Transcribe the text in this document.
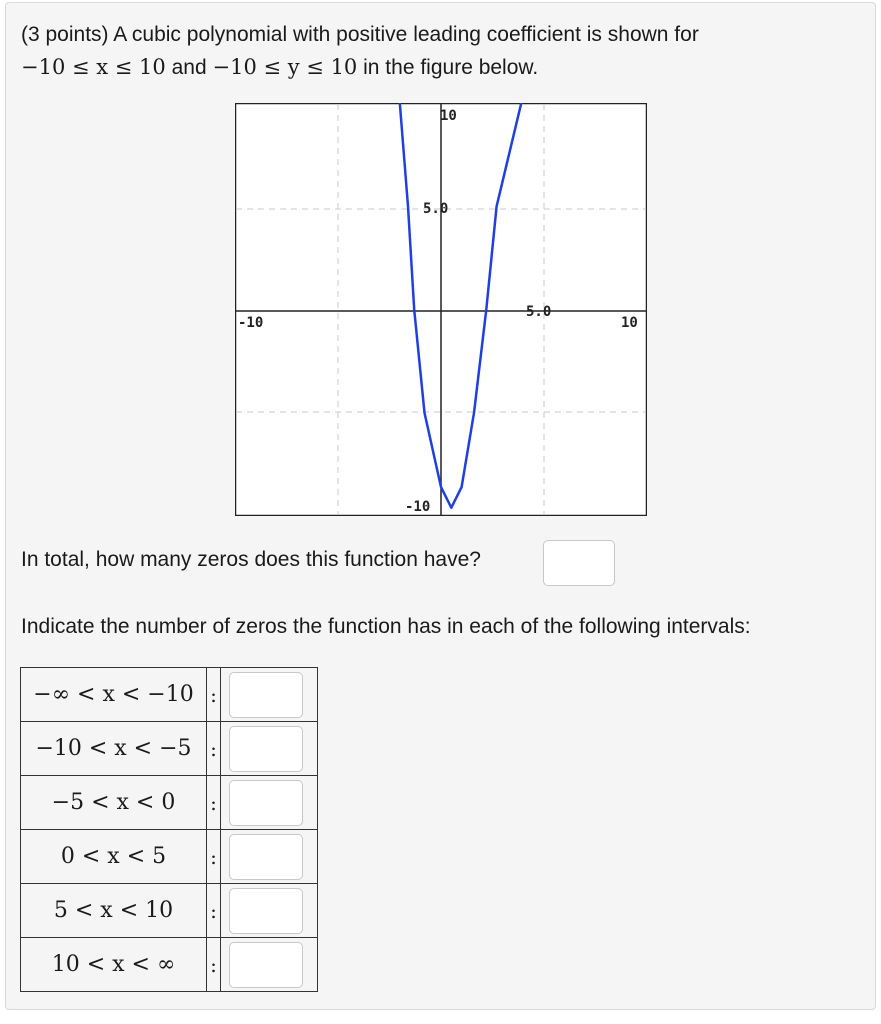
(3 points) A cubic polynomial with positive leading coefficient is shown for
−10 ≤ x ≤ 10 and −10 ≤ y ≤ 10 in the figure below.
10
5.0
-10
5.0
10
-10
In total, how many zeros does this function have?
Indicate the number of zeros the function has in each of the following intervals:
−∞ < x < −10	:	

−10 < x < −5	:	

−5 < x < 0	:	

0 < x < 5	:	

5 < x < 10	:	

10 < x < ∞	:	
